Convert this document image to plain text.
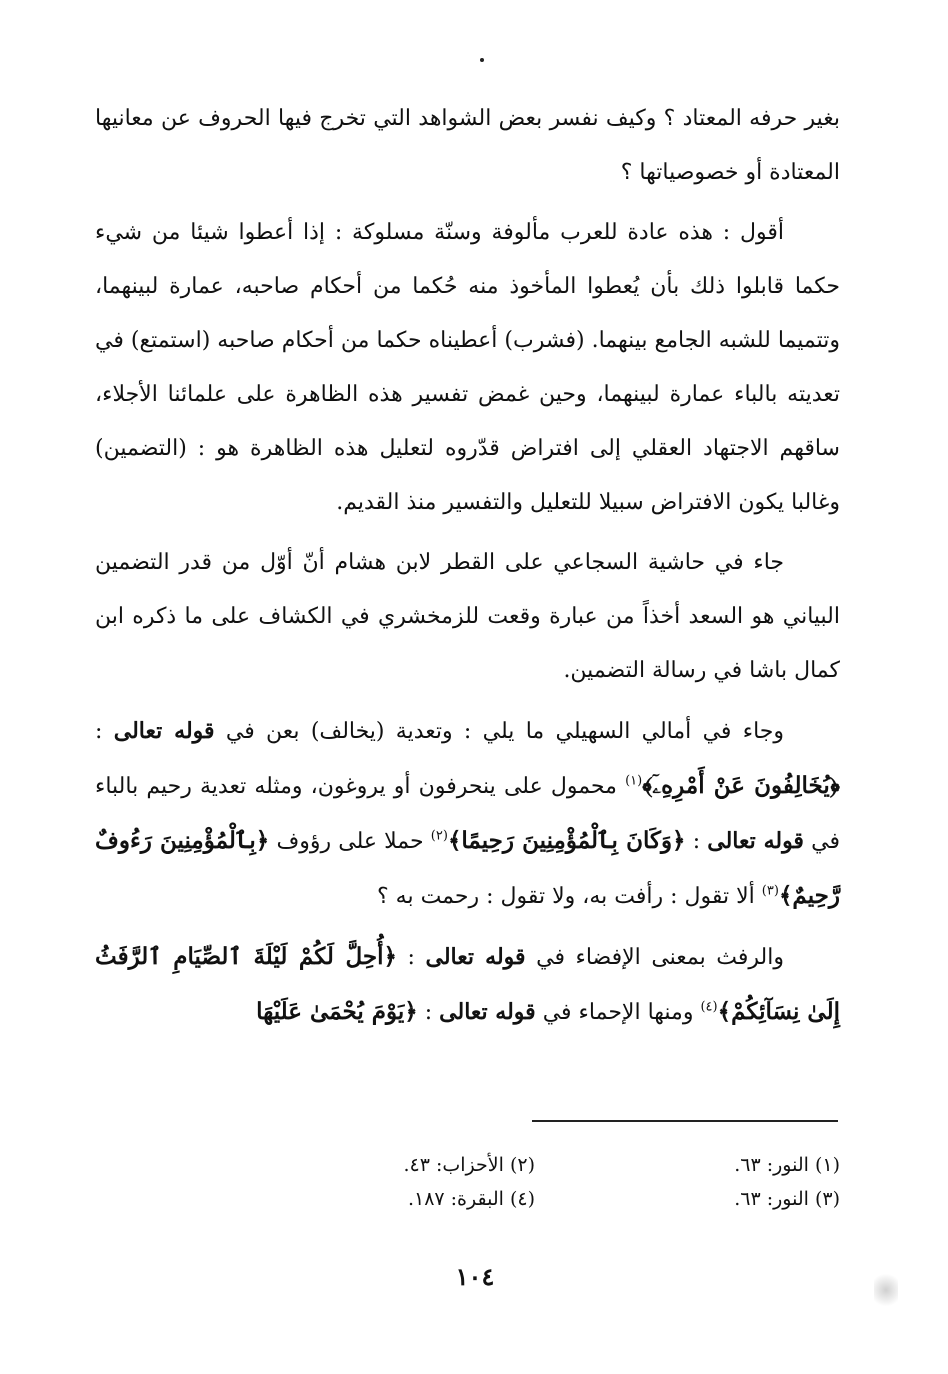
بغير حرفه المعتاد ؟ وكيف نفسر بعض الشواهد التي تخرج فيها الحروف عن معانيها المعتادة أو خصوصياتها ؟

أقول : هذه عادة للعرب مألوفة وسنّة مسلوكة : إذا أعطوا شيئا من شيء حكما قابلوا ذلك بأن يُعطوا المأخوذ منه حُكما من أحكام صاحبه، عمارة لبينهما، وتتميما للشبه الجامع بينهما. (فشرب) أعطيناه حكما من أحكام صاحبه (استمتع) في تعديته بالباء عمارة لبينهما، وحين غمض تفسير هذه الظاهرة على علمائنا الأجلاء، ساقهم الاجتهاد العقلي إلى افتراض قدّروه لتعليل هذه الظاهرة هو : (التضمين) وغالبا يكون الافتراض سبيلا للتعليل والتفسير منذ القديم.

جاء في حاشية السجاعي على القطر لابن هشام أنّ أوّل من قدر التضمين البياني هو السعد أخذاً من عبارة وقعت للزمخشري في الكشاف على ما ذكره ابن كمال باشا في رسالة التضمين.

وجاء في أمالي السهيلي ما يلي : وتعدية (يخالف) بعن في قوله تعالى : ﴿يُخَالِفُونَ عَنْ أَمْرِهِۦٓ﴾$^{(١)}$ محمول على ينحرفون أو يروغون، ومثله تعدية رحيم بالباء في قوله تعالى : ﴿وَكَانَ بِٱلْمُؤْمِنِينَ رَحِيمًا﴾$^{(٢)}$ حملا على رؤوف ﴿بِٱلْمُؤْمِنِينَ رَءُوفٌ رَّحِيمٌ﴾$^{(٣)}$ ألا تقول : رأفت به، ولا تقول : رحمت به ؟

والرفث بمعنى الإفضاء في قوله تعالى : ﴿أُحِلَّ لَكُمْ لَيْلَةَ ٱلصِّيَامِ ٱلرَّفَثُ إِلَىٰ نِسَآئِكُمْ﴾$^{(٤)}$ ومنها الإحماء في قوله تعالى : ﴿يَوْمَ يُحْمَىٰ عَلَيْهَا

(١) النور: ٦٣.
(٢) الأحزاب: ٤٣.
(٣) النور: ٦٣.
(٤) البقرة: ١٨٧.
١٠٤
